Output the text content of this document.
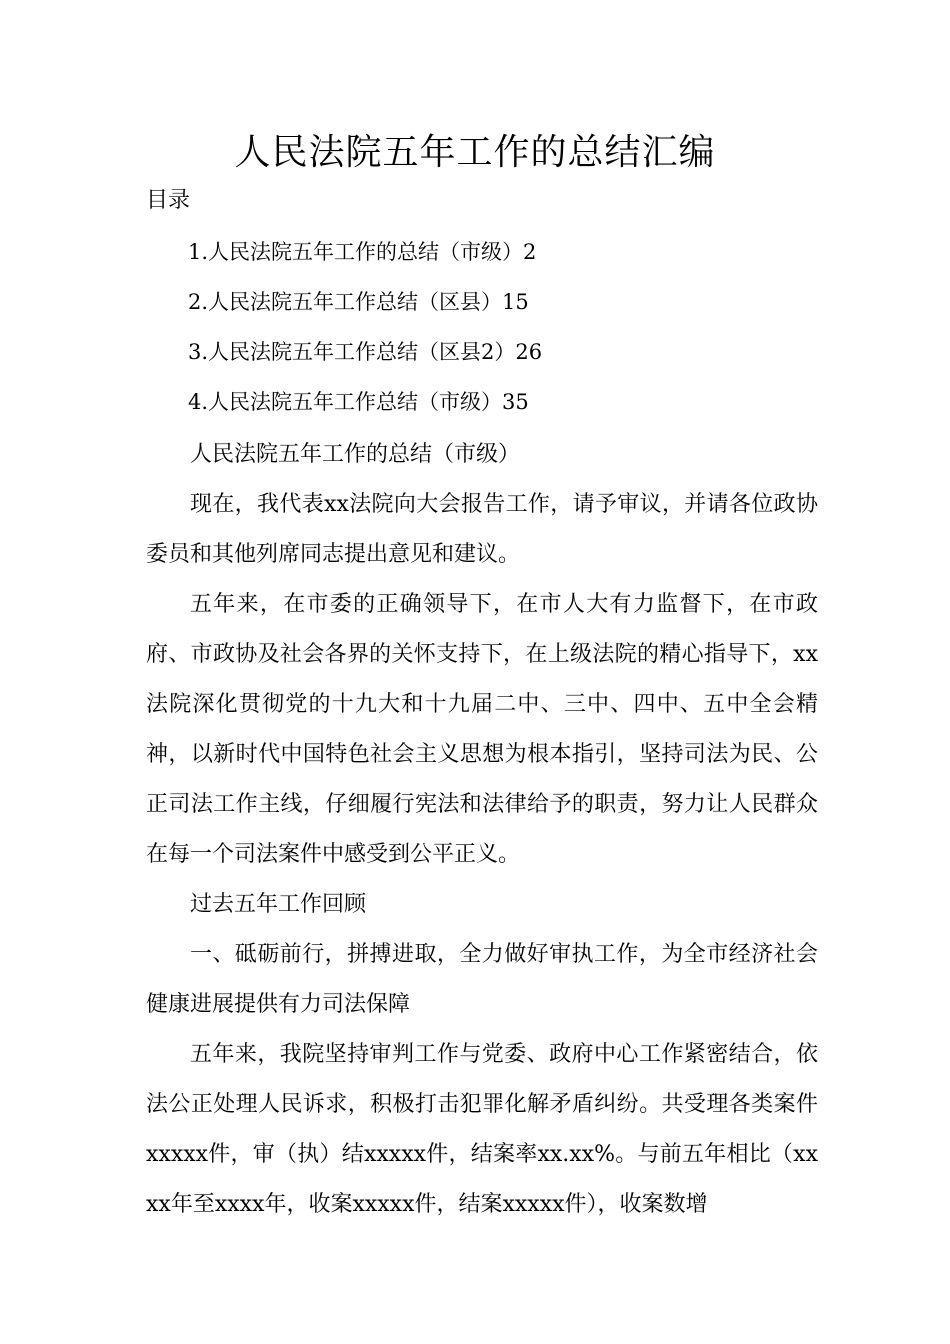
人民法院五年工作的总结汇编
目录
1.人民法院五年工作的总结（市级）2
2.人民法院五年工作总结（区县）15
3.人民法院五年工作总结（区县2）26
4.人民法院五年工作总结（市级）35

人民法院五年工作的总结（市级）

现在，我代表xx法院向大会报告工作，请予审议，并请各位政协委员和其他列席同志提出意见和建议。

五年来，在市委的正确领导下，在市人大有力监督下，在市政府、市政协及社会各界的关怀支持下，在上级法院的精心指导下，xx法院深化贯彻党的十九大和十九届二中、三中、四中、五中全会精神，以新时代中国特色社会主义思想为根本指引，坚持司法为民、公正司法工作主线，仔细履行宪法和法律给予的职责，努力让人民群众在每一个司法案件中感受到公平正义。

过去五年工作回顾

一、砥砺前行，拼搏进取，全力做好审执工作，为全市经济社会健康进展提供有力司法保障

五年来，我院坚持审判工作与党委、政府中心工作紧密结合，依法公正处理人民诉求，积极打击犯罪化解矛盾纠纷。共受理各类案件xxxxx件，审（执）结xxxxx件，结案率xx.xx%。与前五年相比（xxxx年至xxxx年，收案xxxxx件，结案xxxxx件），收案数增
